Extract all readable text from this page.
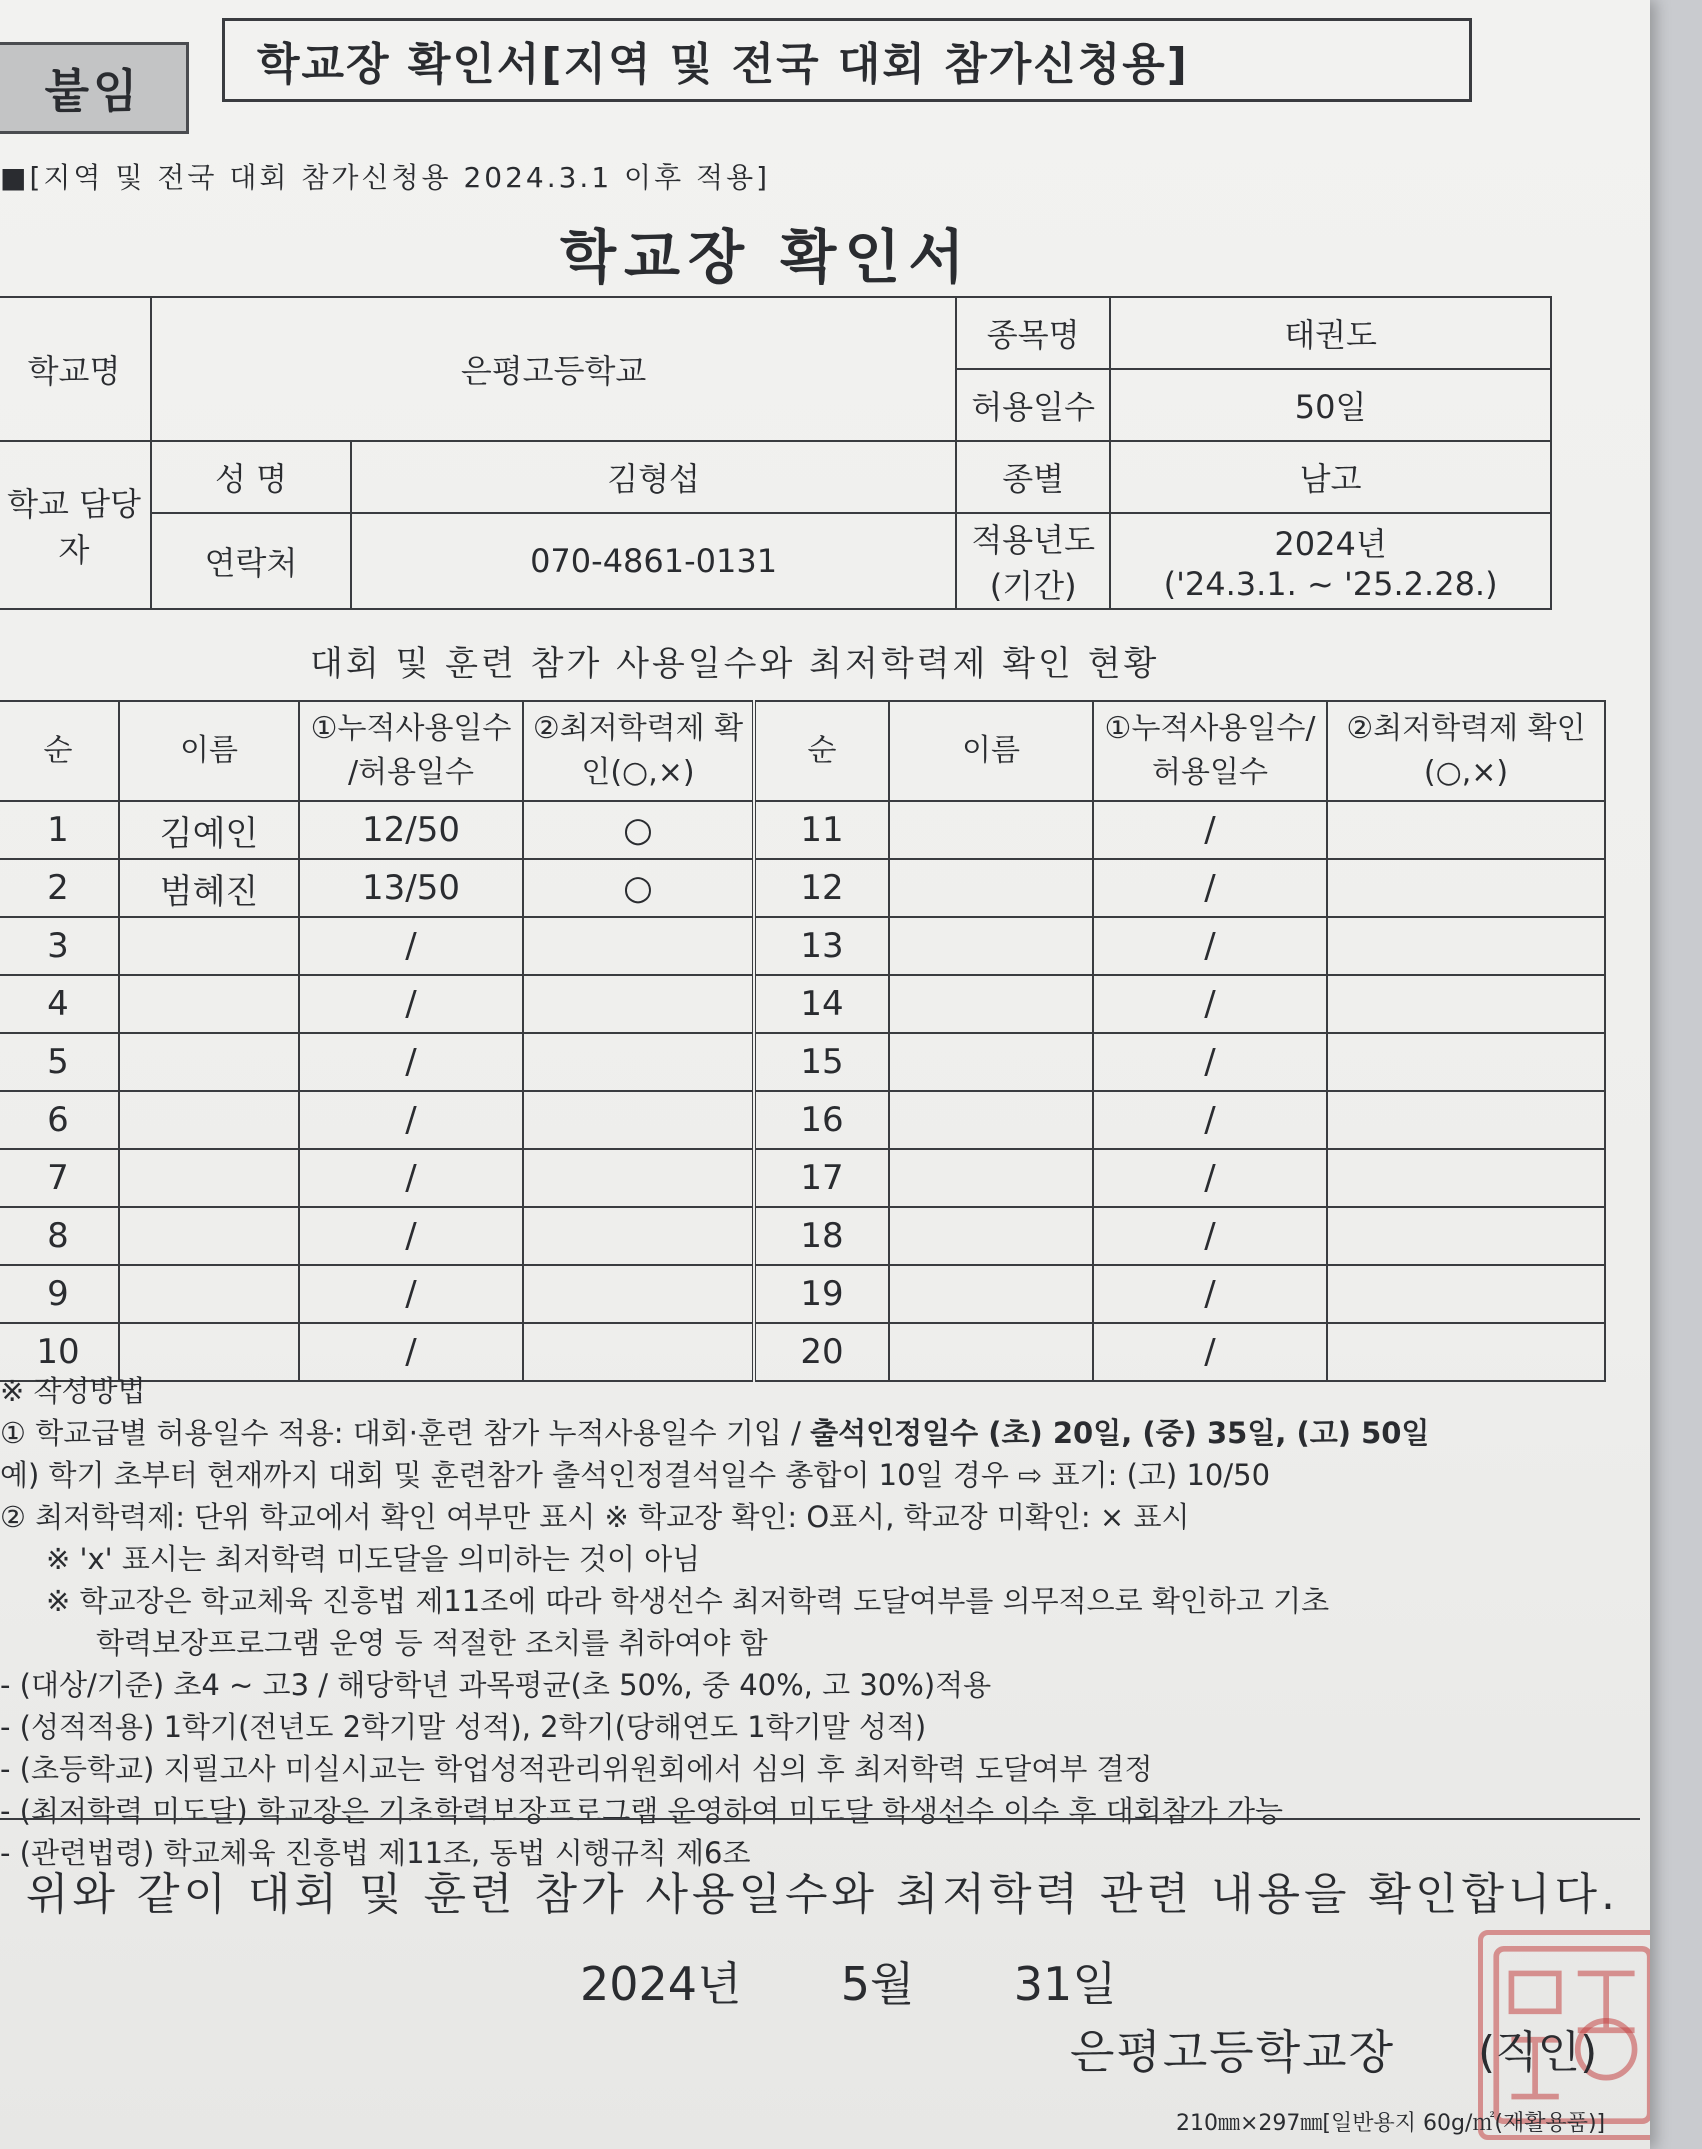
붙임	학교장 확인서[지역 및 전국 대회 참가신청용]
■[지역 및 전국 대회 참가신청용 2024.3.1 이후 적용]
학교장 확인서
학교명	은평고등학교		종목명	태권도
			허용일수	50일
학교 담당자	성 명	김형섭	종별	남고
	연락처	070-4861-0131	적용년도 (기간)	2024년
('24.3.1. ~ '25.2.28.)
대회 및 훈련 참가 사용일수와 최저학력제 확인 현황
순	이름	①누적사용일수 /허용일수	②최저학력제 확인(○,×)	순	이름	①누적사용일수/ 허용일수	②최저학력제 확인(○,×)
1	김예인	12/50	○	11		/	
2	범혜진	13/50	○	12		/	
3		/		13		/	
4		/		14		/	
5		/		15		/	
6		/		16		/	
7		/		17		/	
8		/		18		/	
9		/		19		/	
10		/		20		/	
※ 작성방법
① 학교급별 허용일수 적용: 대회·훈련 참가 누적사용일수 기입 / 출석인정일수 (초) 20일, (중) 35일, (고) 50일
예) 학기 초부터 현재까지 대회 및 훈련참가 출석인정결석일수 총합이 10일 경우 ⇨ 표기: (고) 10/50
② 최저학력제: 단위 학교에서 확인 여부만 표시 ※ 학교장 확인: O표시, 학교장 미확인: × 표시
※ 'x' 표시는 최저학력 미도달을 의미하는 것이 아님
※ 학교장은 학교체육 진흥법 제11조에 따라 학생선수 최저학력 도달여부를 의무적으로 확인하고 기초
학력보장프로그램 운영 등 적절한 조치를 취하여야 함
- (대상/기준) 초4 ~ 고3 / 해당학년 과목평균(초 50%, 중 40%, 고 30%)적용
- (성적적용) 1학기(전년도 2학기말 성적), 2학기(당해연도 1학기말 성적)
- (초등학교) 지필고사 미실시교는 학업성적관리위원회에서 심의 후 최저학력 도달여부 결정
- (최저학력 미도달) 학교장은 기초학력보장프로그램 운영하여 미도달 학생선수 이수 후 대회참가 가능
- (관련법령) 학교체육 진흥법 제11조, 동법 시행규칙 제6조
위와 같이 대회 및 훈련 참가 사용일수와 최저학력 관련 내용을 확인합니다.
2024년 5월 31일
은평고등학교장 (직인)
210㎜×297㎜[일반용지 60g/㎡(재활용품)]
